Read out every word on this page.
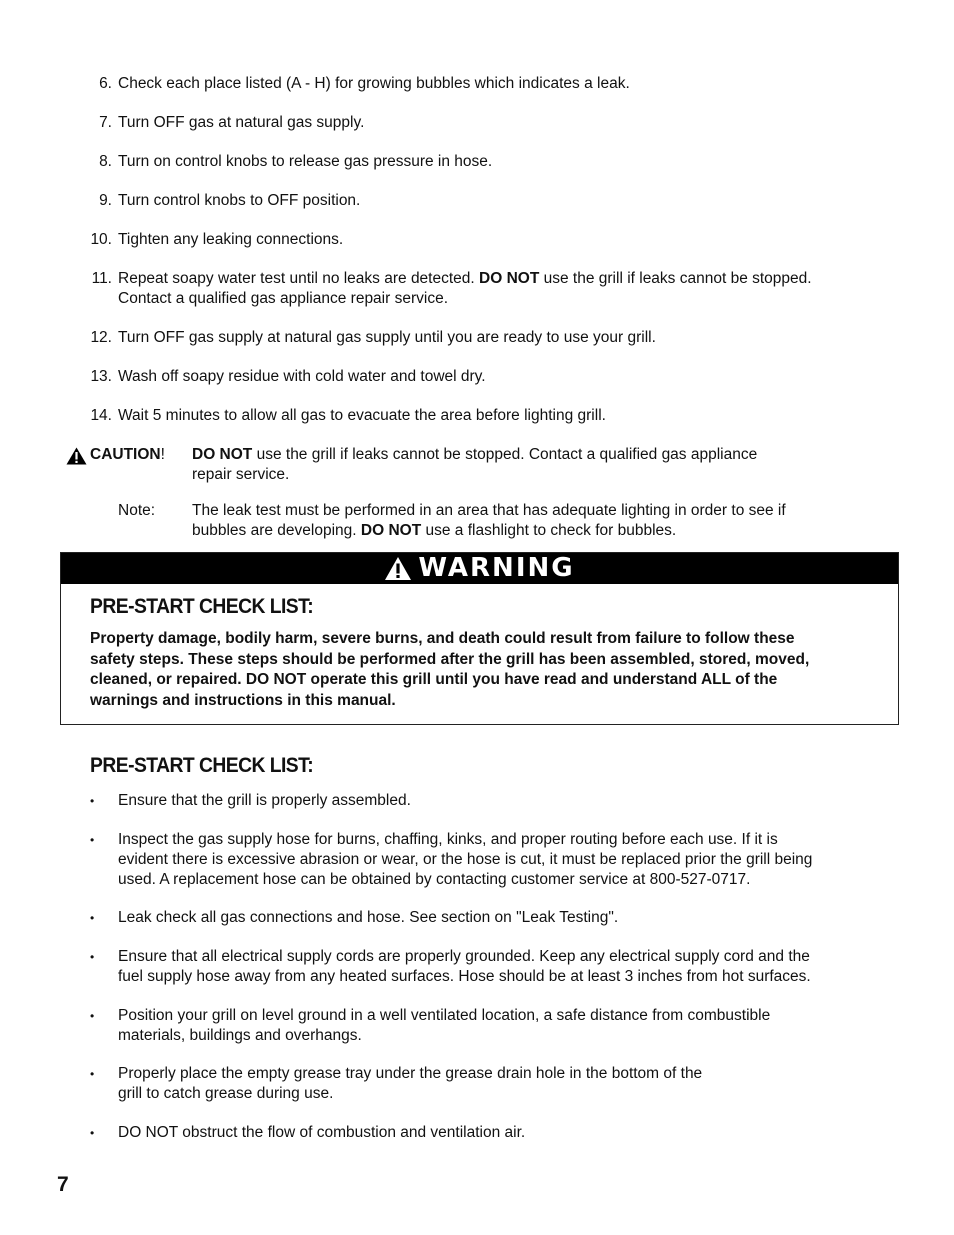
6. Check each place listed (A - H) for growing bubbles which indicates a leak.
7. Turn OFF gas at natural gas supply.
8. Turn on control knobs to release gas pressure in hose.
9. Turn control knobs to OFF position.
10. Tighten any leaking connections.
11. Repeat soapy water test until no leaks are detected. DO NOT use the grill if leaks cannot be stopped.
Contact a qualified gas appliance repair service.
12. Turn OFF gas supply at natural gas supply until you are ready to use your grill.
13. Wash off soapy residue with cold water and towel dry.
14. Wait 5 minutes to allow all gas to evacuate the area before lighting grill.
CAUTION! DO NOT use the grill if leaks cannot be stopped. Contact a qualified gas appliance
repair service.
Note: The leak test must be performed in an area that has adequate lighting in order to see if
bubbles are developing. DO NOT use a flashlight to check for bubbles.
WARNING
PRE-START CHECK LIST:
Property damage, bodily harm, severe burns, and death could result from failure to follow these
safety steps. These steps should be performed after the grill has been assembled, stored, moved,
cleaned, or repaired. DO NOT operate this grill until you have read and understand ALL of the
warnings and instructions in this manual.
PRE-START CHECK LIST:
• Ensure that the grill is properly assembled.
• Inspect the gas supply hose for burns, chaffing, kinks, and proper routing before each use. If it is
evident there is excessive abrasion or wear, or the hose is cut, it must be replaced prior the grill being
used. A replacement hose can be obtained by contacting customer service at 800-527-0717.
• Leak check all gas connections and hose. See section on "Leak Testing".
• Ensure that all electrical supply cords are properly grounded. Keep any electrical supply cord and the
fuel supply hose away from any heated surfaces. Hose should be at least 3 inches from hot surfaces.
• Position your grill on level ground in a well ventilated location, a safe distance from combustible
materials, buildings and overhangs.
• Properly place the empty grease tray under the grease drain hole in the bottom of the
grill to catch grease during use.
• DO NOT obstruct the flow of combustion and ventilation air.
7
